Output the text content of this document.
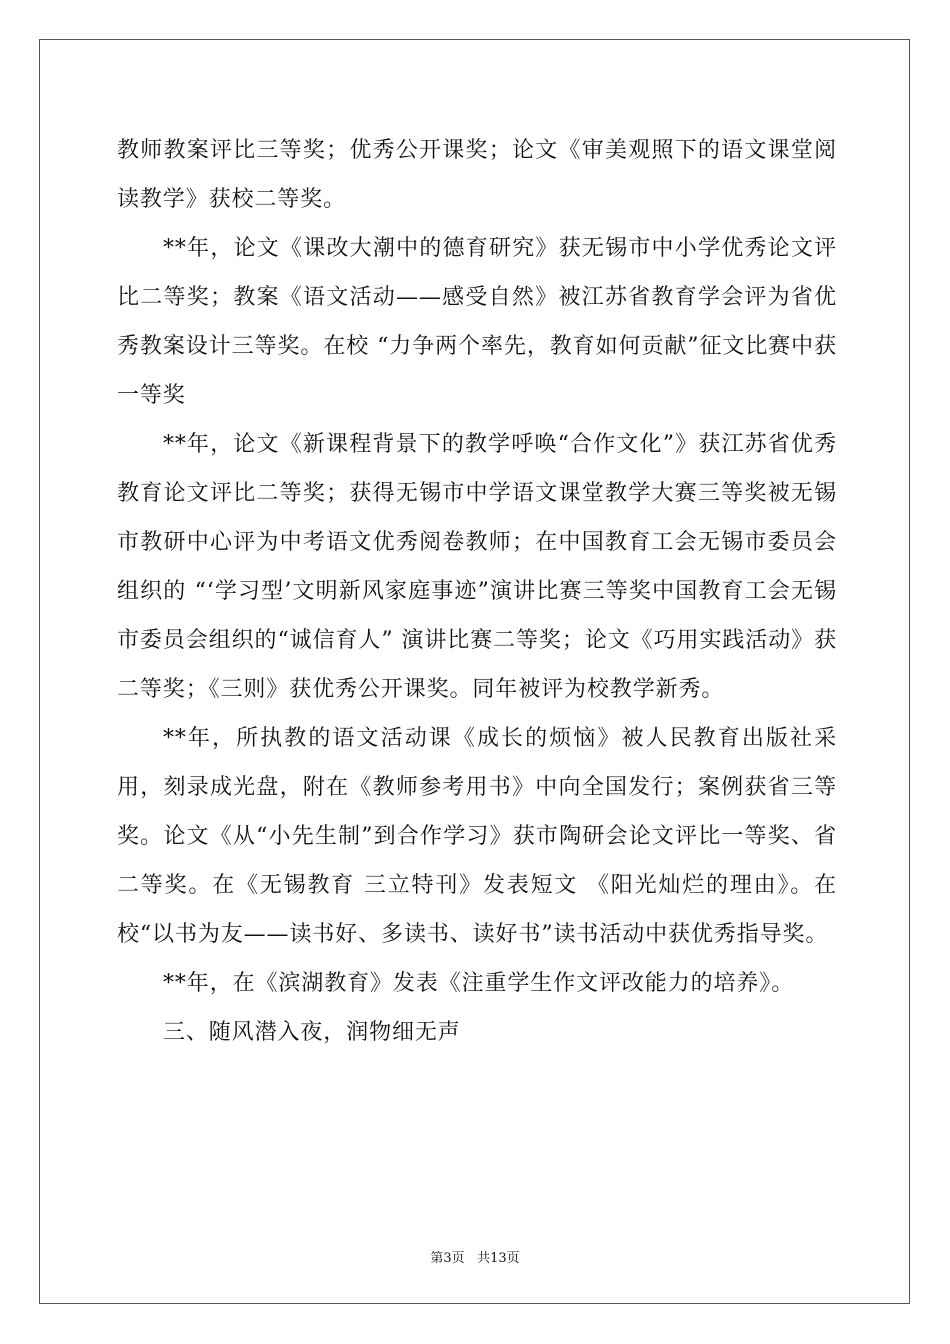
教师教案评比三等奖；优秀公开课奖；论文《审美观照下的语文课堂阅读教学》获校二等奖。

**年，论文《课改大潮中的德育研究》获无锡市中小学优秀论文评比二等奖；教案《语文活动——感受自然》被江苏省教育学会评为省优秀教案设计三等奖。在校 “力争两个率先，教育如何贡献”征文比赛中获一等奖

**年，论文《新课程背景下的教学呼唤“合作文化”》获江苏省优秀教育论文评比二等奖；获得无锡市中学语文课堂教学大赛三等奖被无锡市教研中心评为中考语文优秀阅卷教师；在中国教育工会无锡市委员会组织的 “‘学习型’文明新风家庭事迹”演讲比赛三等奖中国教育工会无锡市委员会组织的“诚信育人” 演讲比赛二等奖；论文《巧用实践活动》获二等奖；《三则》获优秀公开课奖。同年被评为校教学新秀。

**年，所执教的语文活动课《成长的烦恼》被人民教育出版社采用，刻录成光盘，附在《教师参考用书》中向全国发行；案例获省三等奖。论文《从“小先生制”到合作学习》获市陶研会论文评比一等奖、省二等奖。在《无锡教育 三立特刊》发表短文 《阳光灿烂的理由》。在校“以书为友——读书好、多读书、读好书”读书活动中获优秀指导奖。

**年，在《滨湖教育》发表《注重学生作文评改能力的培养》。

三、随风潜入夜，润物细无声

第3页 共13页
